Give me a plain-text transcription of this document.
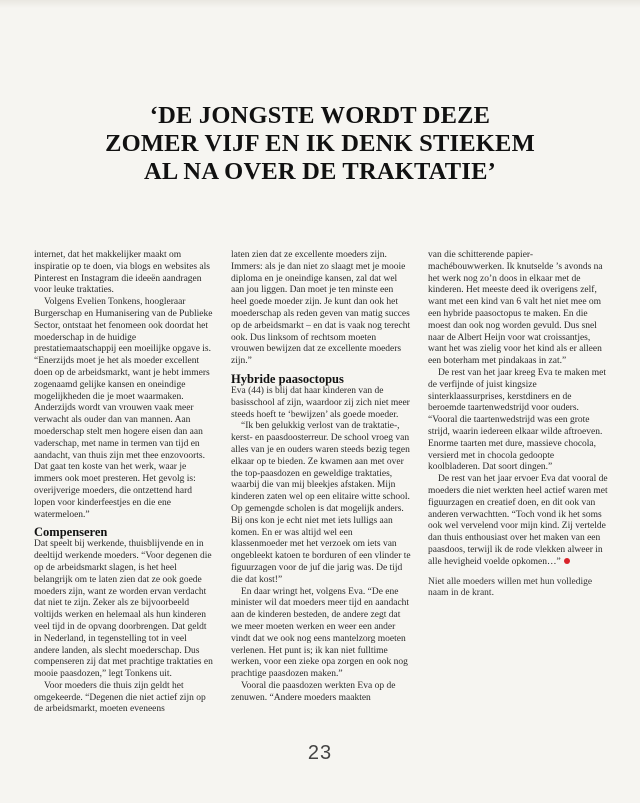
‘DE JONGSTE WORDT DEZE
ZOMER VIJF EN IK DENK STIEKEM
AL NA OVER DE TRAKTATIE’

internet, dat het makkelijker maakt om inspiratie op te doen, via blogs en websites als Pinterest en Instagram die ideeën aandragen voor leuke traktaties.

Volgens Evelien Tonkens, hoogleraar Burgerschap en Humanisering van de Publieke Sector, ontstaat het fenomeen ook doordat het moederschap in de huidige prestatiemaatschappij een moeilijke opgave is. “Enerzijds moet je het als moeder excellent doen op de arbeidsmarkt, want je hebt immers zogenaamd gelijke kansen en oneindige mogelijkheden die je moet waarmaken. Anderzijds wordt van vrouwen vaak meer verwacht als ouder dan van mannen. Aan moederschap stelt men hogere eisen dan aan vaderschap, met name in termen van tijd en aandacht, van thuis zijn met thee enzovoorts. Dat gaat ten koste van het werk, waar je immers ook moet presteren. Het gevolg is: overijverige moeders, die ontzettend hard lopen voor kinderfeestjes en die ene watermeloen.”

Compenseren

Dat speelt bij werkende, thuisblijvende en in deeltijd werkende moeders. “Voor degenen die op de arbeidsmarkt slagen, is het heel belangrijk om te laten zien dat ze ook goede moeders zijn, want ze worden ervan verdacht dat niet te zijn. Zeker als ze bijvoorbeeld voltijds werken en helemaal als hun kinderen veel tijd in de opvang doorbrengen. Dat geldt in Nederland, in tegenstelling tot in veel andere landen, als slecht moederschap. Dus compenseren zij dat met prachtige traktaties en mooie paasdozen,” legt Tonkens uit.

Voor moeders die thuis zijn geldt het omgekeerde. “Degenen die niet actief zijn op de arbeidsmarkt, moeten eveneens

laten zien dat ze excellente moeders zijn. Immers: als je dan niet zo slaagt met je mooie diploma en je oneindige kansen, zal dat wel aan jou liggen. Dan moet je ten minste een heel goede moeder zijn. Je kunt dan ook het moederschap als reden geven van matig succes op de arbeidsmarkt – en dat is vaak nog terecht ook. Dus linksom of rechtsom moeten vrouwen bewijzen dat ze excellente moeders zijn.”

Hybride paasoctopus

Eva (44) is blij dat haar kinderen van de basisschool af zijn, waardoor zij zich niet meer steeds hoeft te ‘bewijzen’ als goede moeder.

“Ik ben gelukkig verlost van de traktatie-, kerst- en paasdoosterreur. De school vroeg van alles van je en ouders waren steeds bezig tegen elkaar op te bieden. Ze kwamen aan met over the top-paasdozen en geweldige traktaties, waarbij die van mij bleekjes afstaken. Mijn kinderen zaten wel op een elitaire witte school. Op gemengde scholen is dat mogelijk anders. Bij ons kon je echt niet met iets lulligs aan komen. En er was altijd wel een klassenmoeder met het verzoek om iets van ongebleekt katoen te borduren of een vlinder te figuurzagen voor de juf die jarig was. De tijd die dat kost!”

En daar wringt het, volgens Eva. “De ene minister wil dat moeders meer tijd en aandacht aan de kinderen besteden, de andere zegt dat we meer moeten werken en weer een ander vindt dat we ook nog eens mantelzorg moeten verlenen. Het punt is; ik kan niet fulltime werken, voor een zieke opa zorgen en ook nog prachtige paasdozen maken.”

Vooral die paasdozen werkten Eva op de zenuwen. “Andere moeders maakten

van die schitterende papier-machébouwwerken. Ik knutselde ’s avonds na het werk nog zo’n doos in elkaar met de kinderen. Het meeste deed ik overigens zelf, want met een kind van 6 valt het niet mee om een hybride paasoctopus te maken. En die moest dan ook nog worden gevuld. Dus snel naar de Albert Heijn voor wat croissantjes, want het was zielig voor het kind als er alleen een boterham met pindakaas in zat.”

De rest van het jaar kreeg Eva te maken met de verfijnde of juist kingsize sinterklaassurprises, kerstdiners en de beroemde taartenwedstrijd voor ouders. “Vooral die taartenwedstrijd was een grote strijd, waarin iedereen elkaar wilde aftroeven. Enorme taarten met dure, massieve chocola, versierd met in chocola gedoopte koolbladeren. Dat soort dingen.”

De rest van het jaar ervoer Eva dat vooral de moeders die niet werkten heel actief waren met figuurzagen en creatief doen, en dit ook van anderen verwachtten. “Toch vond ik het soms ook wel vervelend voor mijn kind. Zij vertelde dan thuis enthousiast over het maken van een paasdoos, terwijl ik de rode vlekken alweer in alle hevigheid voelde opkomen…”

Niet alle moeders willen met hun volledige naam in de krant.

23
